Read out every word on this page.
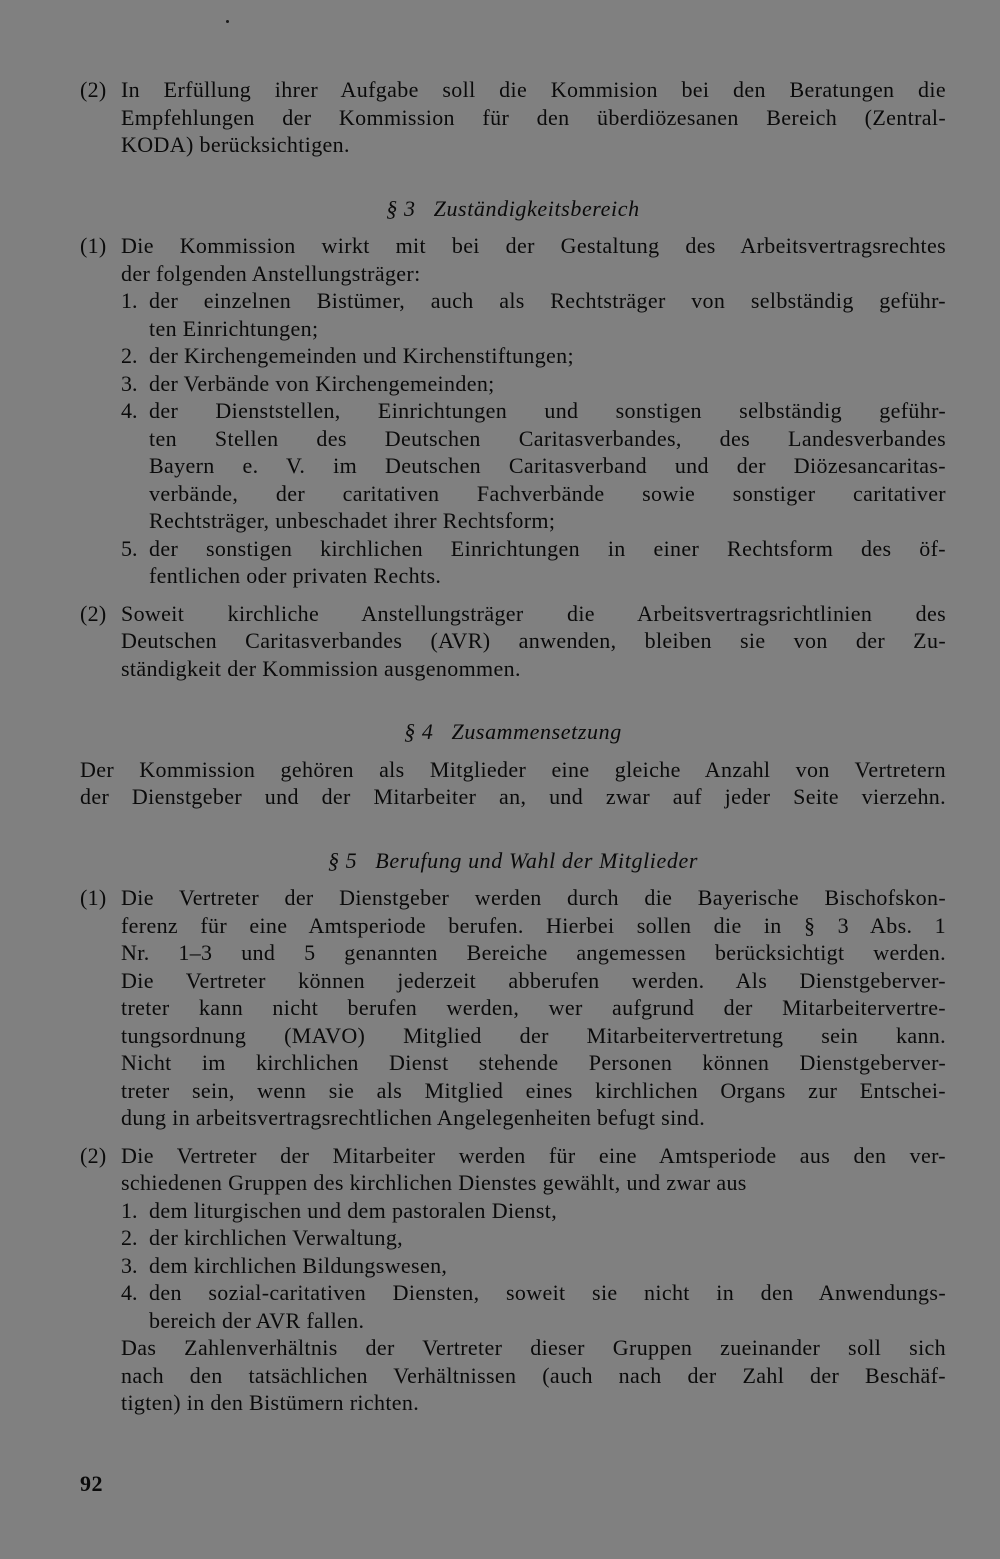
(2) In Erfüllung ihrer Aufgabe soll die Kommision bei den Beratungen die
Empfehlungen der Kommission für den überdiözesanen Bereich (Zentral-
KODA) berücksichtigen.
§ 3 Zuständigkeitsbereich
(1) Die Kommission wirkt mit bei der Gestaltung des Arbeitsvertragsrechtes
der folgenden Anstellungsträger:
1. der einzelnen Bistümer, auch als Rechtsträger von selbständig geführ-
ten Einrichtungen;
2. der Kirchengemeinden und Kirchenstiftungen;
3. der Verbände von Kirchengemeinden;
4. der Dienststellen, Einrichtungen und sonstigen selbständig geführ-
ten Stellen des Deutschen Caritasverbandes, des Landesverbandes
Bayern e. V. im Deutschen Caritasverband und der Diözesancaritas-
verbände, der caritativen Fachverbände sowie sonstiger caritativer
Rechtsträger, unbeschadet ihrer Rechtsform;
5. der sonstigen kirchlichen Einrichtungen in einer Rechtsform des öf-
fentlichen oder privaten Rechts.
(2) Soweit kirchliche Anstellungsträger die Arbeitsvertragsrichtlinien des
Deutschen Caritasverbandes (AVR) anwenden, bleiben sie von der Zu-
ständigkeit der Kommission ausgenommen.
§ 4 Zusammensetzung
Der Kommission gehören als Mitglieder eine gleiche Anzahl von Vertretern
der Dienstgeber und der Mitarbeiter an, und zwar auf jeder Seite vierzehn.
§ 5 Berufung und Wahl der Mitglieder
(1) Die Vertreter der Dienstgeber werden durch die Bayerische Bischofskon-
ferenz für eine Amtsperiode berufen. Hierbei sollen die in § 3 Abs. 1
Nr. 1–3 und 5 genannten Bereiche angemessen berücksichtigt werden.
Die Vertreter können jederzeit abberufen werden. Als Dienstgeberver-
treter kann nicht berufen werden, wer aufgrund der Mitarbeitervertre-
tungsordnung (MAVO) Mitglied der Mitarbeitervertretung sein kann.
Nicht im kirchlichen Dienst stehende Personen können Dienstgeberver-
treter sein, wenn sie als Mitglied eines kirchlichen Organs zur Entschei-
dung in arbeitsvertragsrechtlichen Angelegenheiten befugt sind.
(2) Die Vertreter der Mitarbeiter werden für eine Amtsperiode aus den ver-
schiedenen Gruppen des kirchlichen Dienstes gewählt, und zwar aus
1. dem liturgischen und dem pastoralen Dienst,
2. der kirchlichen Verwaltung,
3. dem kirchlichen Bildungswesen,
4. den sozial-caritativen Diensten, soweit sie nicht in den Anwendungs-
bereich der AVR fallen.
Das Zahlenverhältnis der Vertreter dieser Gruppen zueinander soll sich
nach den tatsächlichen Verhältnissen (auch nach der Zahl der Beschäf-
tigten) in den Bistümern richten.
92
